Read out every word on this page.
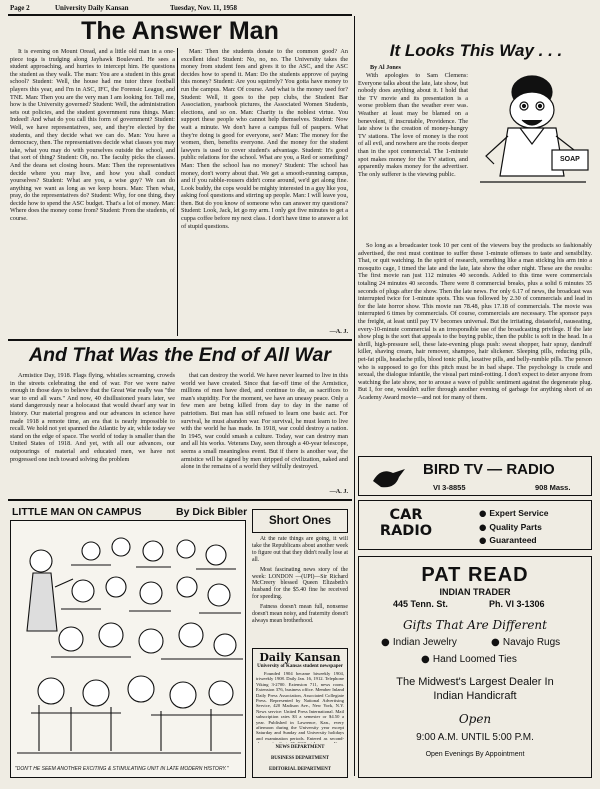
Page 2	University Daily Kansan	Tuesday, Nov. 11, 1958
The Answer Man

It is evening on Mount Oread, and a little old man in a one-piece toga is trudging along Jayhawk Boulevard. He sees a student approaching, and hurries to intercept him. He questions the student as they walk. The man: You are a student in this great school? Student: Well, the house had me tutor three football players this year, and I'm in ASC, IFC, the Forensic League, and TNE. Man: Then you are the very man I am looking for. Tell me, how is the University governed? Student: Well, the administration sets out policies, and the student government runs things. Man: Indeed! And what do you call this form of government? Student: Well, we have representatives, see, and they're elected by the students, and they decide what we can do. Man: You have a democracy, then. The representatives decide what classes you may take, what you may do with yourselves outside the school, and that sort of thing? Student: Oh, no. The faculty picks the classes. And the deans set closing hours. Man: Then the representatives decide where you may live, and how you shall conduct yourselves? Student: What are you, a wise guy? We can do anything we want as long as we keep hours. Man: Then what, pray, do the representatives do? Student: Why, for one thing, they decide how to spend the ASC budget. That's a lot of money. Man: Where does the money come from? Student: From the students, of course.

Man: Then the students donate to the common good? An excellent idea! Student: No, no, no. The University takes the money from student fees and gives it to the ASC, and the ASC decides how to spend it. Man: Do the students approve of paying this money? Student: Are you squirrely? You gotta have money to run the campus. Man: Of course. And what is the money used for? Student: Well, it goes to the pep clubs, the Student Bar Association, yearbook pictures, the Associated Women Students, elections, and so on. Man: Charity is the noblest virtue. You support these people who cannot help themselves. Student: Now wait a minute. We don't have a campus full of paupers. What they're doing is good for everyone, see? Man: The money for the women, then, benefits everyone. And the money for the student lawyers is used to cover student's advantage. Student: It's good public relations for the school. What are you, a Red or something? Man: Then the school has no money? Student: The school has money, don't worry about that. We get a smooth-running campus, and if you rabble-rousers didn't come around, we'd get along fine. Look buddy, the cops would be mighty interested in a guy like you, asking fool questions and stirring up people. Man: I will leave you, then. But do you know of someone who can answer my questions? Student: Look, Jack, let go my arm. I only got five minutes to get a cuppa coffee before my next class. I don't have time to answer a lot of stupid questions.

—A. J.
And That Was the End of All War

Armistice Day, 1918. Flags flying, whistles screaming, crowds in the streets celebrating the end of war. For we were naive enough in those days to believe that the Great War really was "the war to end all wars." And now, 40 disillusioned years later, we stand dangerously near a holocaust that would dwarf any war in history. Our material progress and our advances in science have made 1918 a remote time, an era that is nearly impossible to recall. We hold not yet spanned the Atlantic by air, while today we stand on the edge of space. The world of today is smaller than the United States of 1918. And yet, with all our advances, our outpourings of material and educated men, we have not progressed one inch toward solving the problem

that can destroy the world. We have never learned to live in this world we have created. Since that far-off time of the Armistice, millions of men have died, and continue to die, as sacrifices to man's stupidity. For the moment, we have an uneasy peace. Only a few men are being killed from day to day in the name of patriotism. But man has still refused to learn one basic act. For survival, he must abandon war. For survival, he must learn to live with the world he has made. In 1918, war could destroy a nation. In 1945, war could smash a culture. Today, war can destroy man and all his works. Veterans Day, seen through a 40-year telescope, seems a small meaningless event. But if there is another war, the armistice will be signed by men stripped of civilization, naked and alone in the remains of a world they wilfully destroyed.

—A. J.
LITTLE MAN ON CAMPUS	By Dick Bibler
"DON'T HE SEEM ANOTHER EXCITING & STIMULATING UNIT IN LATE MODERN HISTORY."
Short Ones

At the rate things are going, it will take the Republicans about another week to figure out that they didn't really lose at all.

Most fascinating news story of the week: LONDON —(UPI)—Sir Richard McCreery blessed Queen Elizabeth's husband for the $5.40 fine he received for speeding.

Fatness doesn't mean full, nonsense doesn't mean noisy, and fraternity doesn't always mean brotherhood.

Daily Kansan
University of Kansas student newspaper

Founded 1904 became biweekly 1904, triweekly 1908. Daily Jan. 16, 1912. Telephone Viking 3-2700. Extension 711, news room. Extension 376, business office. Member Inland Daily Press Association, Associated Collegiate Press. Represented by National Advertising Service, 420 Madison Ave., New York, N.Y. News service: United Press International. Mail subscription rates $3 a semester or $4.50 a year. Published in Lawrence, Kan., every afternoon during the University year except Saturday and Sunday and University holidays and examination periods. Entered as second-

NEWS DEPARTMENT
BUSINESS DEPARTMENT
EDITORIAL DEPARTMENT
It Looks This Way . . .
By Al Jones

With apologies to Sam Clemens: Everyone talks about the late, late show, but nobody does anything about it. I hold that the TV movie and its presentation is a worse problem than the weather ever was. Weather at least may be blamed on a benevolent, if inscrutable, Providence. The late show is the creation of money-hungry TV stations. The love of money is the root of all evil, and nowhere are the roots deeper than in the spot commercial. The 1-minute spot makes money for the TV station, and apparently makes money for the advertiser. The only sufferer is the viewing public.

SOAP

So long as a broadcaster took 10 per cent of the viewers buy the products so fashionably advertised, the rest must continue to suffer these 1-minute offenses to taste and sensibility. That, or quit watching. In the spirit of research, something like a man sticking his arm into a mosquito cage, I timed the late and the late, late show the other night. These are the results: The first movie ran just 112 minutes 40 seconds. Added to this time were commercials totaling 24 minutes 40 seconds. There were 8 commercial breaks, plus a solid 6 minutes 35 seconds of plugs after the show. Then the late news. For only 6.17 of news, the broadcast was interrupted twice for 1-minute spots. This was followed by 2.30 of commercials and lead in for the late horror show. This movie ran 78.48, plus 17.18 of commercials. The movie was interrupted 6 times by commercials. Of course, commercials are necessary. The sponsor pays the freight, at least until pay TV becomes universal. But the irritating, distasteful, nauseating, every-10-minute commercial is an irresponsible use of the broadcasting privilege. If the late show plug is the sort that appeals to the buying public, then the public is soft in the head. In a shrill, high-pressure sell, these late-evening plugs push: sweat shopper, hair spray, dandruff killer, shaving cream, hair remover, shampoo, hair slickener. Sleeping pills, reducing pills, pet-fat pills, headache pills, blood tonic pills, laxative pills, and belly-rumble pills. The person who is supposed to go for this pitch must be in bad shape. The psychology is crude and sexual, the dialogue infantile, the visual part mind-rotting. I don't expect to deter anyone from watching the late show, nor to arouse a wave of public sentiment against the degenerate plug. But I, for one, wouldn't suffer through another evening of garbage for anything short of an Academy Award movie—and not for many of them.

BIRD TV — RADIO
VI 3-8855	908 Mass.
CAR
RADIO
● Expert Service
● Quality Parts
● Guaranteed
PAT READ
INDIAN TRADER
445 Tenn. St.	Ph. VI 3-1306
Gifts That Are Different
● Indian Jewelry	● Navajo Rugs
● Hand Loomed Ties
The Midwest's Largest Dealer In
Indian Handicraft
Open
9:00 A.M. UNTIL 5:00 P.M.
Open Evenings By Appointment
